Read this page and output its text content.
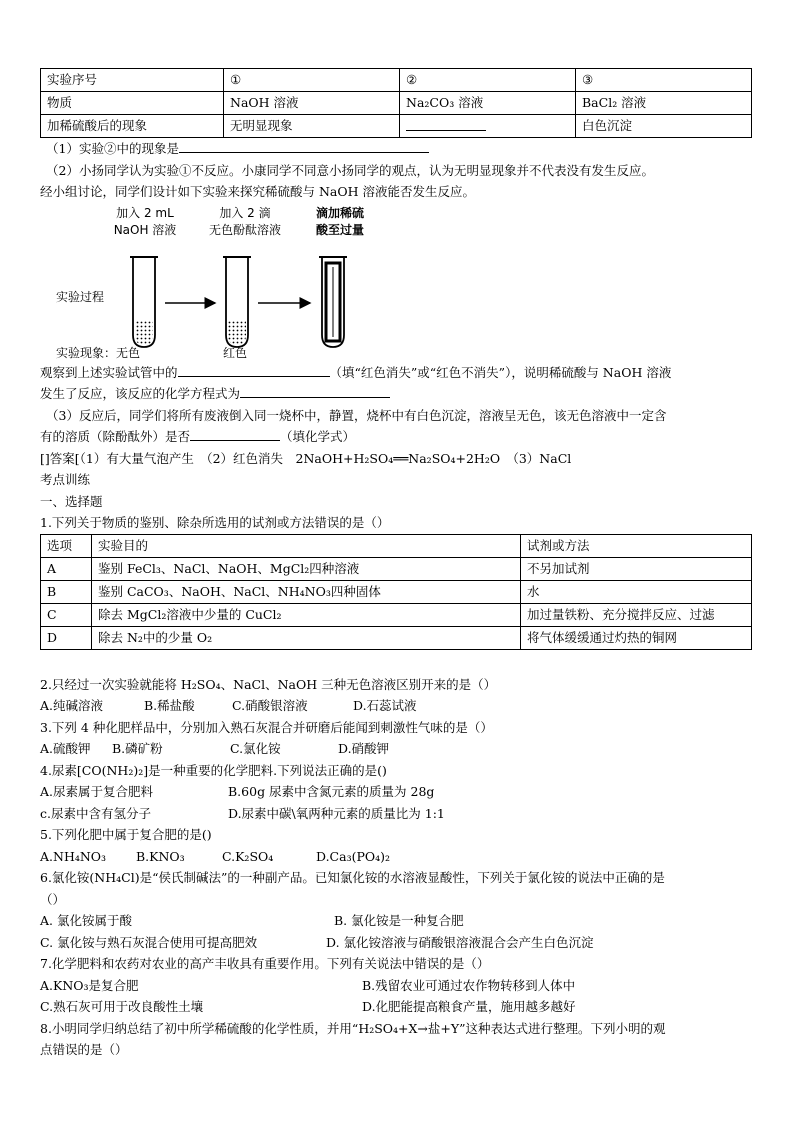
实验序号	①	②	③
物质	NaOH 溶液	Na₂CO₃ 溶液	BaCl₂ 溶液
加稀硫酸后的现象	无明显现象		白色沉淀
（1）实验②中的现象是
（2）小扬同学认为实验①不反应。小康同学不同意小扬同学的观点，认为无明显现象并不代表没有发生反应。
经小组讨论，同学们设计如下实验来探究稀硫酸与 NaOH 溶液能否发生反应。
加入 2 mL
NaOH 溶液
加入 2 滴
无色酚酞溶液
滴加稀硫
酸至过量
实验过程
实验现象：无色	红色
观察到上述实验试管中的	（填“红色消失”或“红色不消失”），说明稀硫酸与 NaOH 溶液
发生了反应，该反应的化学方程式为
（3）反应后，同学们将所有废液倒入同一烧杯中，静置，烧杯中有白色沉淀，溶液呈无色，该无色溶液中一定含
有的溶质（除酚酞外）是否	（填化学式）
[]答案[（1）有大量气泡产生　（2）红色消失　2NaOH+H₂SO₄══Na₂SO₄+2H₂O　（3）NaCl
考点训练
一、选择题
1.下列关于物质的鉴别、除杂所选用的试剂或方法错误的是（）
选项	实验目的	试剂或方法
A	鉴别 FeCl₃、NaCl、NaOH、MgCl₂四种溶液	不另加试剂
B	鉴别 CaCO₃、NaOH、NaCl、NH₄NO₃四种固体	水
C	除去 MgCl₂溶液中少量的 CuCl₂	加过量铁粉、充分搅拌反应、过滤
D	除去 N₂中的少量 O₂	将气体缓缓通过灼热的铜网
2.只经过一次实验就能将 H₂SO₄、NaCl、NaOH 三种无色溶液区别开来的是（）
A.纯碱溶液	B.稀盐酸	C.硝酸银溶液	D.石蕊试液
3.下列 4 种化肥样品中，分别加入熟石灰混合并研磨后能闻到刺激性气味的是（）
A.硫酸钾 B.磷矿粉	C.氯化铵	D.硝酸钾
4.尿素[CO(NH₂)₂]是一种重要的化学肥料.下列说法正确的是()
A.尿素属于复合肥料	B.60g 尿素中含氮元素的质量为 28g
c.尿素中含有氢分子	D.尿素中碳\氧两种元素的质量比为 1:1
5.下列化肥中属于复合肥的是()
A.NH₄NO₃ B.KNO₃	C.K₂SO₄	D.Ca₃(PO₄)₂
6.氯化铵(NH₄Cl)是“侯氏制碱法”的一种副产品。已知氯化铵的水溶液显酸性，下列关于氯化铵的说法中正确的是
（）
A. 氯化铵属于酸	B. 氯化铵是一种复合肥
C. 氯化铵与熟石灰混合使用可提高肥效	D. 氯化铵溶液与硝酸银溶液混合会产生白色沉淀
7.化学肥料和农药对农业的高产丰收具有重要作用。下列有关说法中错误的是（）
A.KNO₃是复合肥	B.残留农业可通过农作物转移到人体中
C.熟石灰可用于改良酸性土壤	D.化肥能提高粮食产量，施用越多越好
8.小明同学归纳总结了初中所学稀硫酸的化学性质，并用“H₂SO₄+X→盐+Y”这种表达式进行整理。下列小明的观
点错误的是（）
